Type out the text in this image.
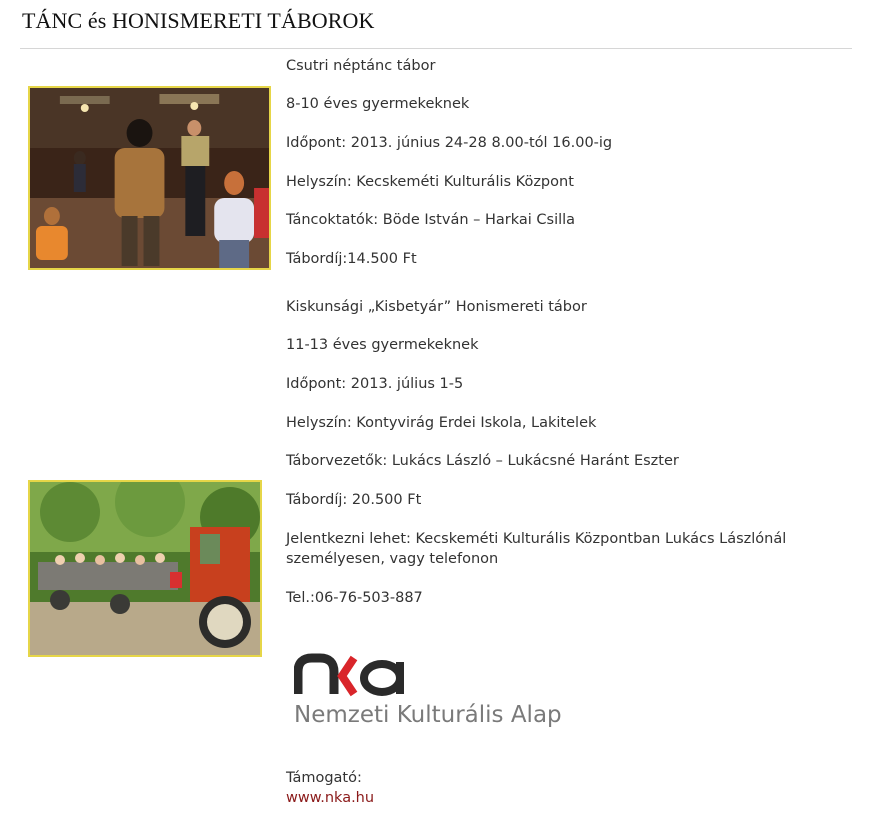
TÁNC és HONISMERETI TÁBOROK
Csutri néptánc tábor
8-10 éves gyermekeknek
Időpont: 2013. június 24-28 8.00-tól 16.00-ig
Helyszín: Kecskeméti Kulturális Központ
Táncoktatók: Böde István – Harkai Csilla
Tábordíj:14.500 Ft
Kiskunsági „Kisbetyár” Honismereti tábor
11-13 éves gyermekeknek
Időpont: 2013. július 1-5
Helyszín: Kontyvirág Erdei Iskola, Lakitelek
Táborvezetők: Lukács László – Lukácsné Haránt Eszter
Tábordíj: 20.500 Ft
Jelentkezni lehet: Kecskeméti Kulturális Központban Lukács Lászlónál személyesen, vagy telefonon
Tel.:06-76-503-887
Nemzeti Kulturális Alap
Támogató:
www.nka.hu
